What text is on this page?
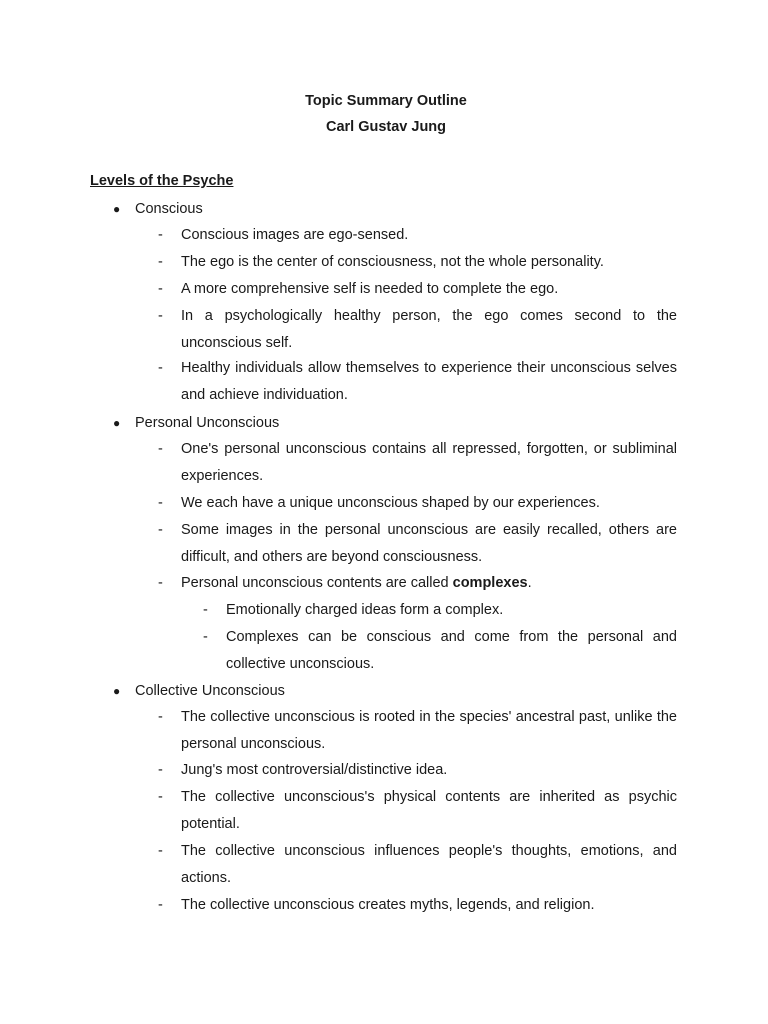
Topic Summary Outline
Carl Gustav Jung
Levels of the Psyche
●	Conscious
- Conscious images are ego-sensed.
- The ego is the center of consciousness, not the whole personality.
- A more comprehensive self is needed to complete the ego.
- In a psychologically healthy person, the ego comes second to the unconscious self.
- Healthy individuals allow themselves to experience their unconscious selves and achieve individuation.
●	Personal Unconscious
- One's personal unconscious contains all repressed, forgotten, or subliminal experiences.
- We each have a unique unconscious shaped by our experiences.
- Some images in the personal unconscious are easily recalled, others are difficult, and others are beyond consciousness.
- Personal unconscious contents are called complexes.
- Emotionally charged ideas form a complex.
- Complexes can be conscious and come from the personal and collective unconscious.
●	Collective Unconscious
- The collective unconscious is rooted in the species' ancestral past, unlike the personal unconscious.
- Jung's most controversial/distinctive idea.
- The collective unconscious's physical contents are inherited as psychic potential.
- The collective unconscious influences people's thoughts, emotions, and actions.
- The collective unconscious creates myths, legends, and religion.
